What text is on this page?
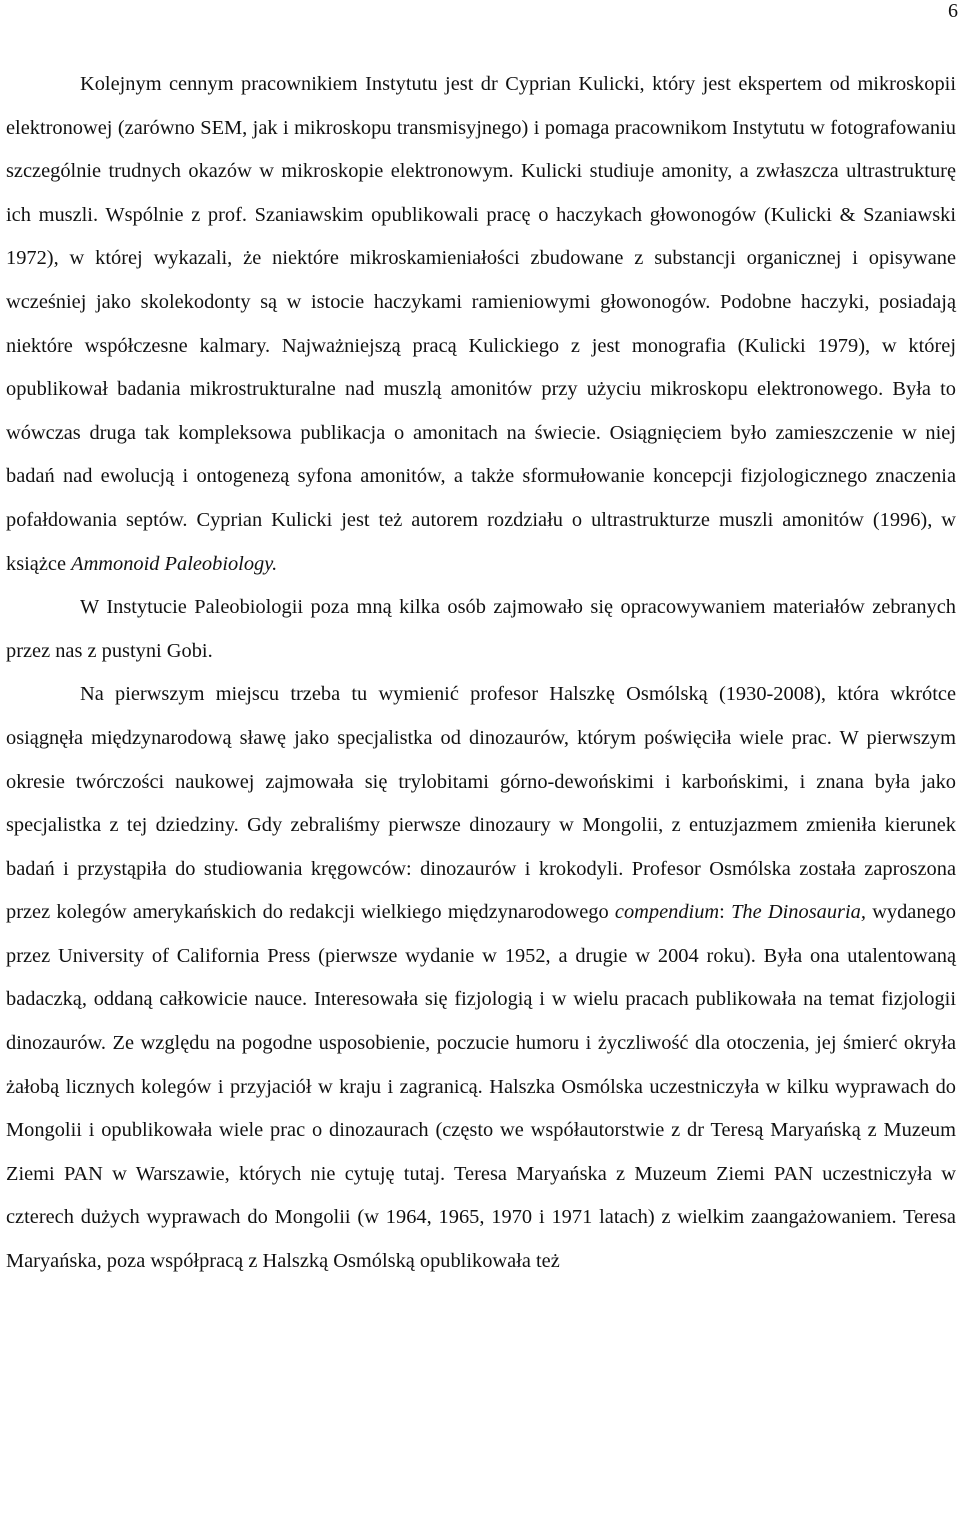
6

Kolejnym cennym pracownikiem Instytutu jest dr Cyprian Kulicki, który jest ekspertem od mikroskopii elektronowej (zarówno SEM, jak i mikroskopu transmisyjnego) i pomaga pracownikom Instytutu w fotografowaniu szczególnie trudnych okazów w mikroskopie elektronowym. Kulicki studiuje amonity, a zwłaszcza ultrastrukturę ich muszli. Wspólnie z prof. Szaniawskim opublikowali pracę o haczykach głowonogów (Kulicki & Szaniawski 1972), w której wykazali, że niektóre mikroskamieniałości zbudowane z substancji organicznej i opisywane wcześniej jako skolekodonty są w istocie haczykami ramieniowymi głowonogów. Podobne haczyki, posiadają niektóre współczesne kalmary. Najważniejszą pracą Kulickiego z jest monografia (Kulicki 1979), w której opublikował badania mikrostrukturalne nad muszlą amonitów przy użyciu mikroskopu elektronowego. Była to wówczas druga tak kompleksowa publikacja o amonitach na świecie. Osiągnięciem było zamieszczenie w niej badań nad ewolucją i ontogenezą syfona amonitów, a także sformułowanie koncepcji fizjologicznego znaczenia pofałdowania septów. Cyprian Kulicki jest też autorem rozdziału o ultrastrukturze muszli amonitów (1996), w książce Ammonoid Paleobiology.

W Instytucie Paleobiologii poza mną kilka osób zajmowało się opracowywaniem materiałów zebranych przez nas z pustyni Gobi.

Na pierwszym miejscu trzeba tu wymienić profesor Halszkę Osmólską (1930-2008), która wkrótce osiągnęła międzynarodową sławę jako specjalistka od dinozaurów, którym poświęciła wiele prac. W pierwszym okresie twórczości naukowej zajmowała się trylobitami górno-dewońskimi i karbońskimi, i znana była jako specjalistka z tej dziedziny. Gdy zebraliśmy pierwsze dinozaury w Mongolii, z entuzjazmem zmieniła kierunek badań i przystąpiła do studiowania kręgowców: dinozaurów i krokodyli. Profesor Osmólska została zaproszona przez kolegów amerykańskich do redakcji wielkiego międzynarodowego compendium: The Dinosauria, wydanego przez University of California Press (pierwsze wydanie w 1952, a drugie w 2004 roku). Była ona utalentowaną badaczką, oddaną całkowicie nauce. Interesowała się fizjologią i w wielu pracach publikowała na temat fizjologii dinozaurów. Ze względu na pogodne usposobienie, poczucie humoru i życzliwość dla otoczenia, jej śmierć okryła żałobą licznych kolegów i przyjaciół w kraju i zagranicą. Halszka Osmólska uczestniczyła w kilku wyprawach do Mongolii i opublikowała wiele prac o dinozaurach (często we współautorstwie z dr Teresą Maryańską z Muzeum Ziemi PAN w Warszawie, których nie cytuję tutaj. Teresa Maryańska z Muzeum Ziemi PAN uczestniczyła w czterech dużych wyprawach do Mongolii (w 1964, 1965, 1970 i 1971 latach) z wielkim zaangażowaniem. Teresa Maryańska, poza współpracą z Halszką Osmólską opublikowała też
